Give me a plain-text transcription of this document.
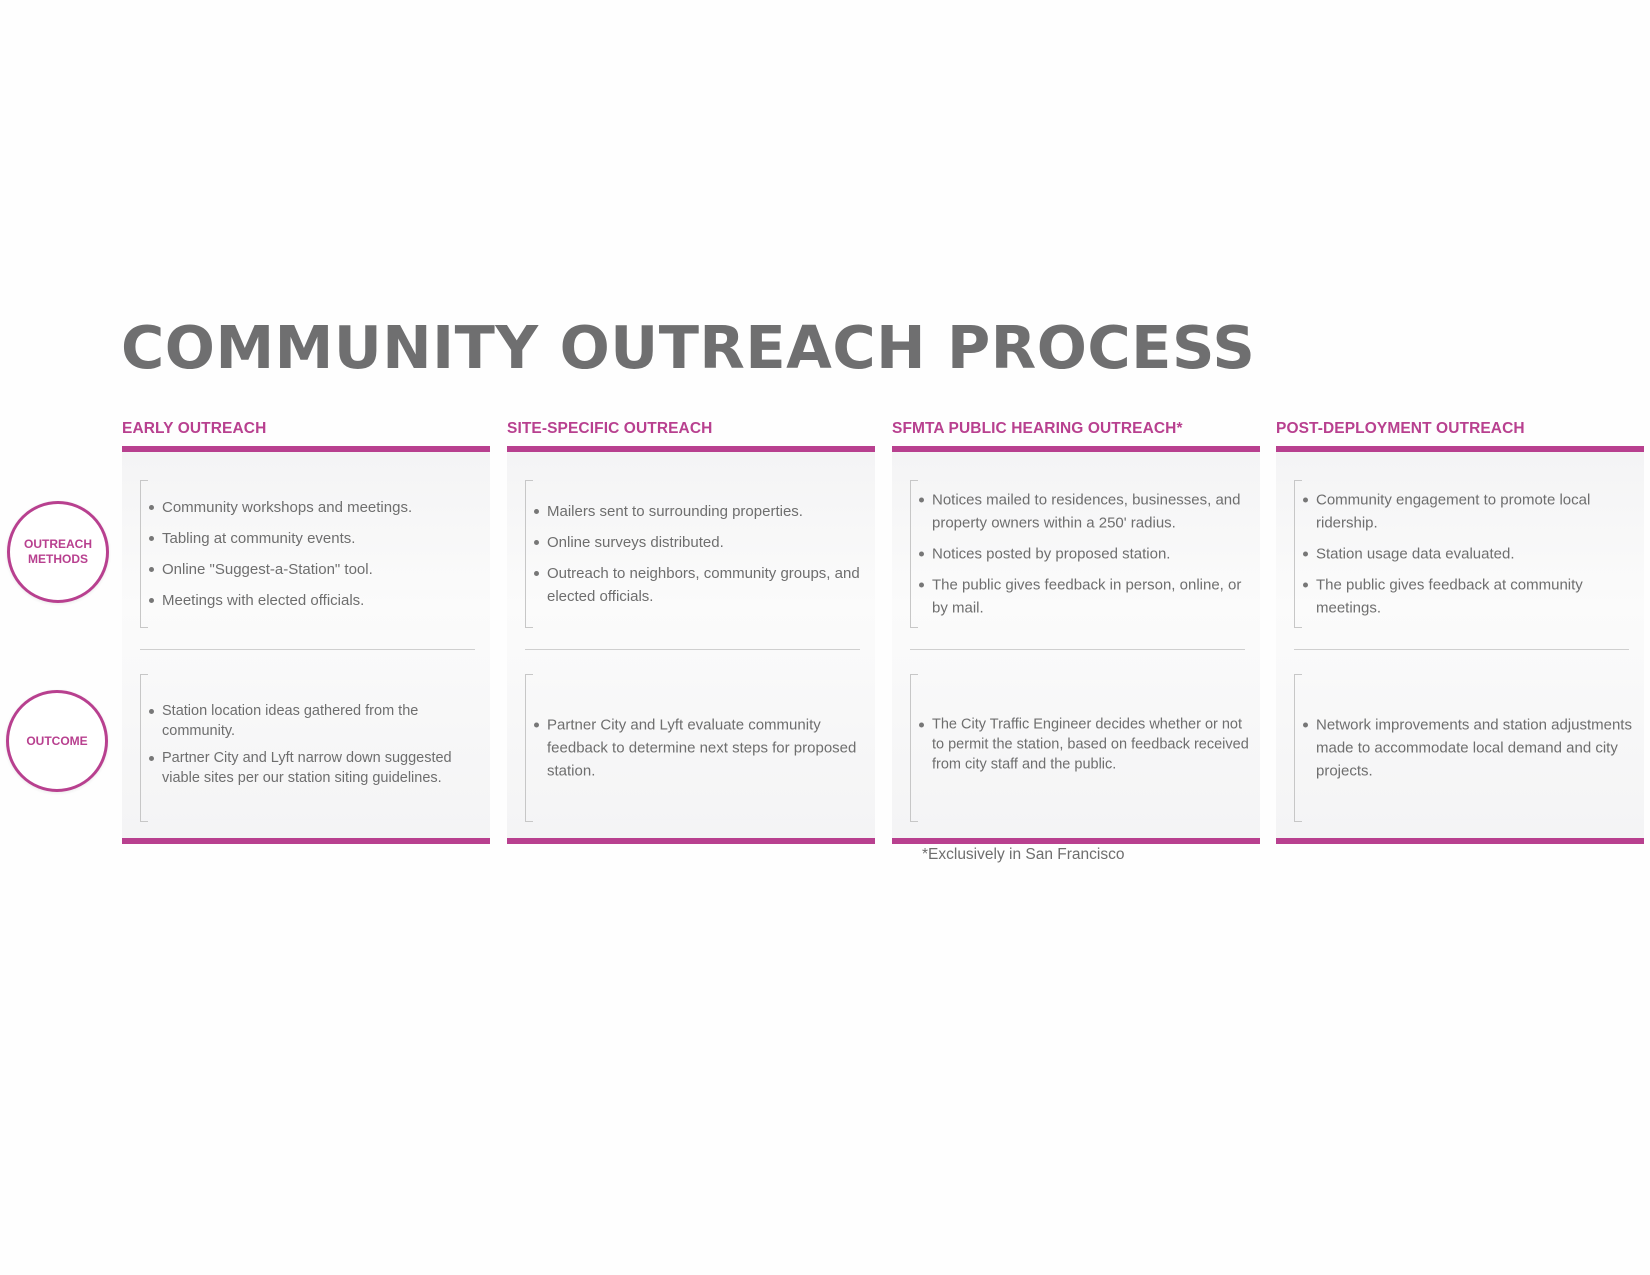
COMMUNITY OUTREACH PROCESS
OUTREACH
METHODS
OUTCOME
EARLY OUTREACH
Community workshops and meetings.
Tabling at community events.
Online "Suggest-a-Station" tool.
Meetings with elected officials.
Station location ideas gathered from the community.
Partner City and Lyft narrow down suggested viable sites per our station siting guidelines.
SITE-SPECIFIC OUTREACH
Mailers sent to surrounding properties.
Online surveys distributed.
Outreach to neighbors, community groups, and elected officials.
Partner City and Lyft evaluate community feedback to determine next steps for proposed station.
SFMTA PUBLIC HEARING OUTREACH*
Notices mailed to residences, businesses, and property owners within a 250' radius.
Notices posted by proposed station.
The public gives feedback in person, online, or by mail.
The City Traffic Engineer decides whether or not to permit the station, based on feedback received from city staff and the public.
POST-DEPLOYMENT OUTREACH
Community engagement to promote local ridership.
Station usage data evaluated.
The public gives feedback at community meetings.
Network improvements and station adjustments made to accommodate local demand and city projects.
*Exclusively in San Francisco
